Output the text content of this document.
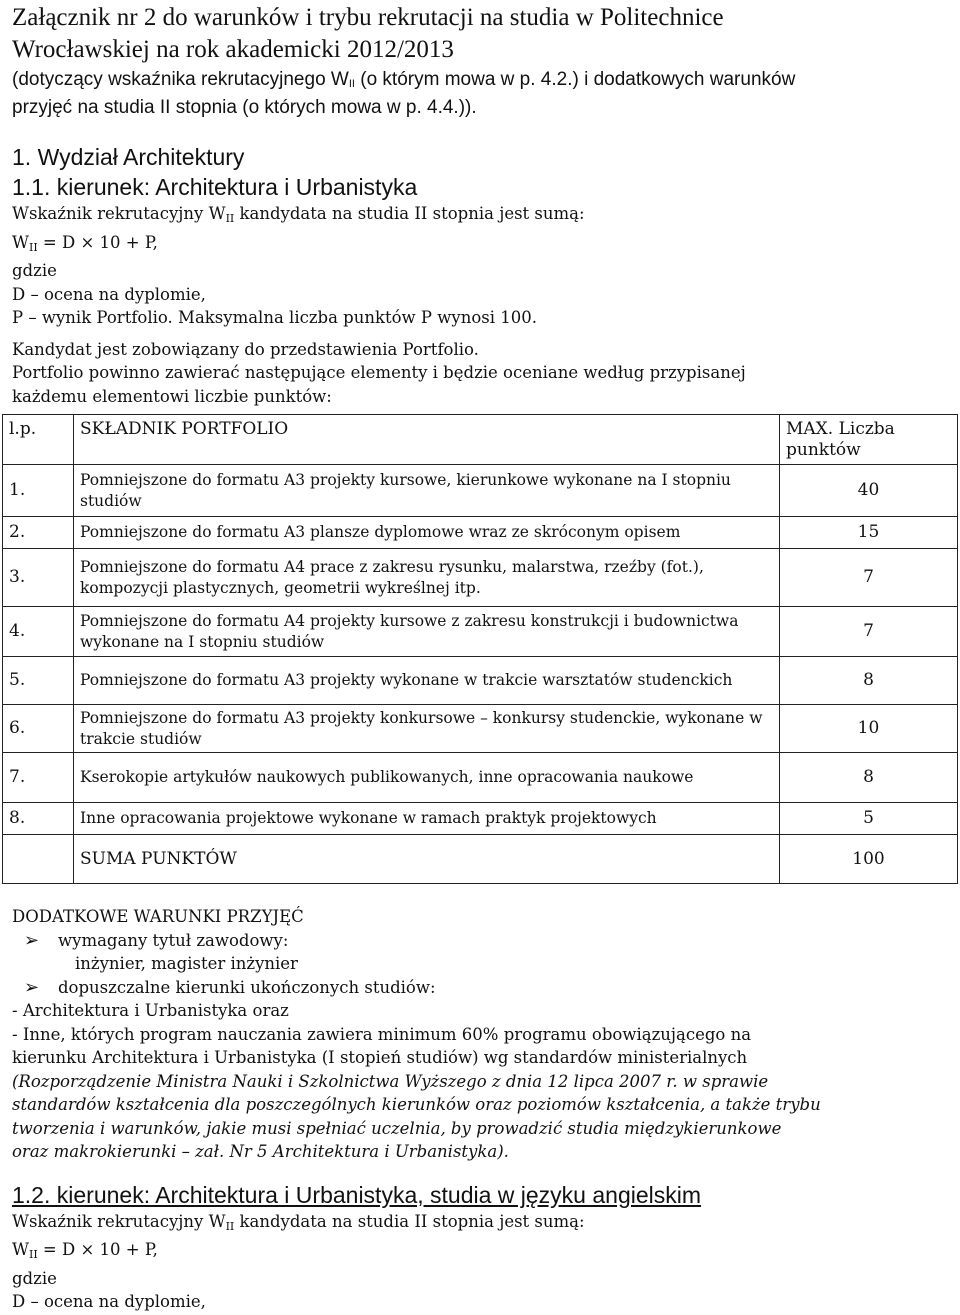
Załącznik nr 2 do warunków i trybu rekrutacji na studia w Politechnice
Wrocławskiej na rok akademicki 2012/2013
(dotyczący wskaźnika rekrutacyjnego WII (o którym mowa w p. 4.2.) i dodatkowych warunków
przyjęć na studia II stopnia (o których mowa w p. 4.4.)).
1. Wydział Architektury
1.1. kierunek: Architektura i Urbanistyka
Wskaźnik rekrutacyjny $W_{II}$ kandydata na studia II stopnia jest sumą:
$W_{II} = D \times 10 + P$,
gdzie
D – ocena na dyplomie,
P – wynik Portfolio. Maksymalna liczba punktów P wynosi 100.
Kandydat jest zobowiązany do przedstawienia Portfolio.
Portfolio powinno zawierać następujące elementy i będzie oceniane według przypisanej
każdemu elementowi liczbie punktów:
l.p.	SKŁADNIK PORTFOLIO	MAX. Liczba punktów
1.	Pomniejszone do formatu A3 projekty kursowe, kierunkowe wykonane na I stopniu studiów	40
2.	Pomniejszone do formatu A3 plansze dyplomowe wraz ze skróconym opisem	15
3.	Pomniejszone do formatu A4 prace z zakresu rysunku, malarstwa, rzeźby (fot.), kompozycji plastycznych, geometrii wykreślnej itp.	7
4.	Pomniejszone do formatu A4 projekty kursowe z zakresu konstrukcji i budownictwa wykonane na I stopniu studiów	7
5.	Pomniejszone do formatu A3 projekty wykonane w trakcie warsztatów studenckich	8
6.	Pomniejszone do formatu A3 projekty konkursowe – konkursy studenckie, wykonane w trakcie studiów	10
7.	Kserokopie artykułów naukowych publikowanych, inne opracowania naukowe	8
8.	Inne opracowania projektowe wykonane w ramach praktyk projektowych	5
	SUMA PUNKTÓW	100
DODATKOWE WARUNKI PRZYJĘĆ
➢ wymagany tytuł zawodowy:
inżynier, magister inżynier
➢ dopuszczalne kierunki ukończonych studiów:
- Architektura i Urbanistyka oraz
- Inne, których program nauczania zawiera minimum 60% programu obowiązującego na
kierunku Architektura i Urbanistyka (I stopień studiów) wg standardów ministerialnych
(Rozporządzenie Ministra Nauki i Szkolnictwa Wyższego z dnia 12 lipca 2007 r. w sprawie
standardów kształcenia dla poszczególnych kierunków oraz poziomów kształcenia, a także trybu
tworzenia i warunków, jakie musi spełniać uczelnia, by prowadzić studia międzykierunkowe
oraz makrokierunki – zał. Nr 5 Architektura i Urbanistyka).
1.2. kierunek: Architektura i Urbanistyka, studia w języku angielskim
Wskaźnik rekrutacyjny $W_{II}$ kandydata na studia II stopnia jest sumą:
$W_{II} = D \times 10 + P$,
gdzie
D – ocena na dyplomie,
